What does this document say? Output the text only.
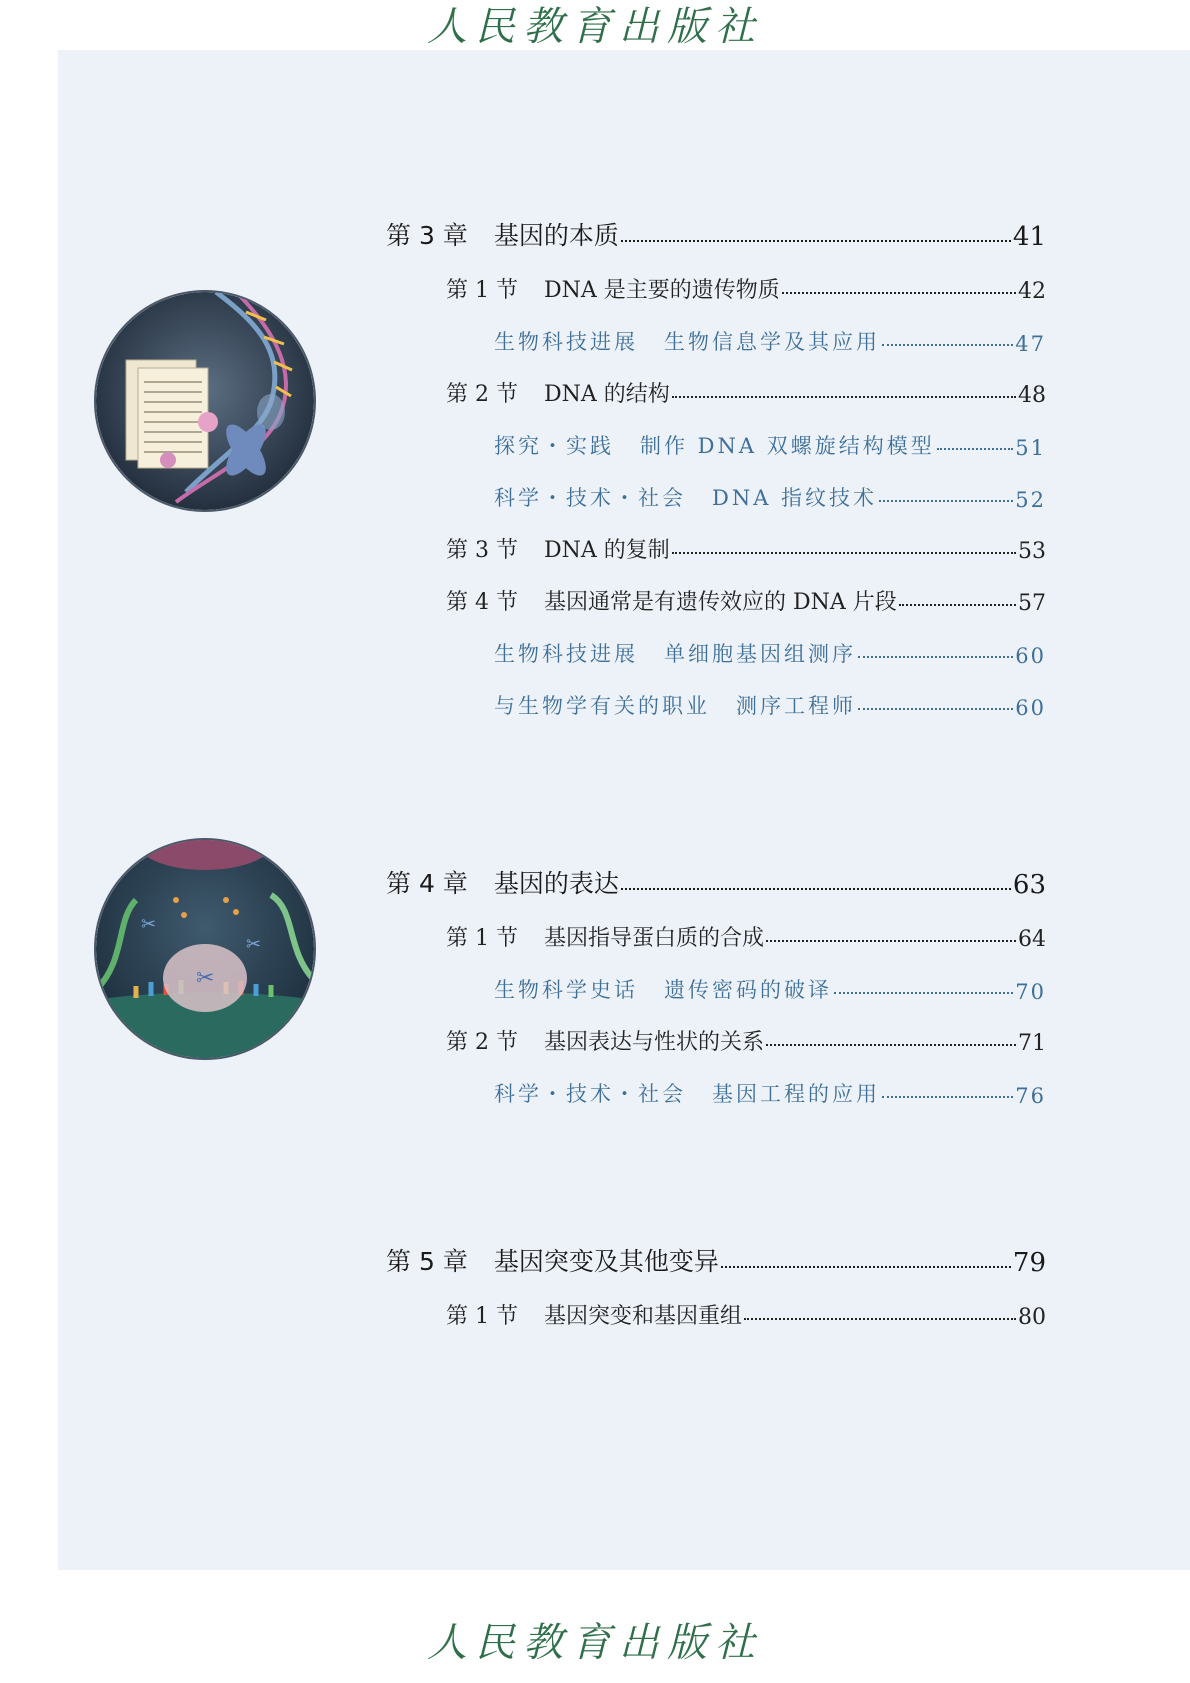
人民教育出版社
✂
✂
✂
第 3 章 基因的本质	41
第 1 节 DNA 是主要的遗传物质	42
生物科技进展 生物信息学及其应用	47
第 2 节 DNA 的结构	48
探究・实践 制作 DNA 双螺旋结构模型	51
科学・技术・社会 DNA 指纹技术	52
第 3 节 DNA 的复制	53
第 4 节 基因通常是有遗传效应的 DNA 片段	57
生物科技进展 单细胞基因组测序	60
与生物学有关的职业 测序工程师	60
第 4 章 基因的表达	63
第 1 节 基因指导蛋白质的合成	64
生物科学史话 遗传密码的破译	70
第 2 节 基因表达与性状的关系	71
科学・技术・社会 基因工程的应用	76
第 5 章 基因突变及其他变异	79
第 1 节 基因突变和基因重组	80
人民教育出版社
